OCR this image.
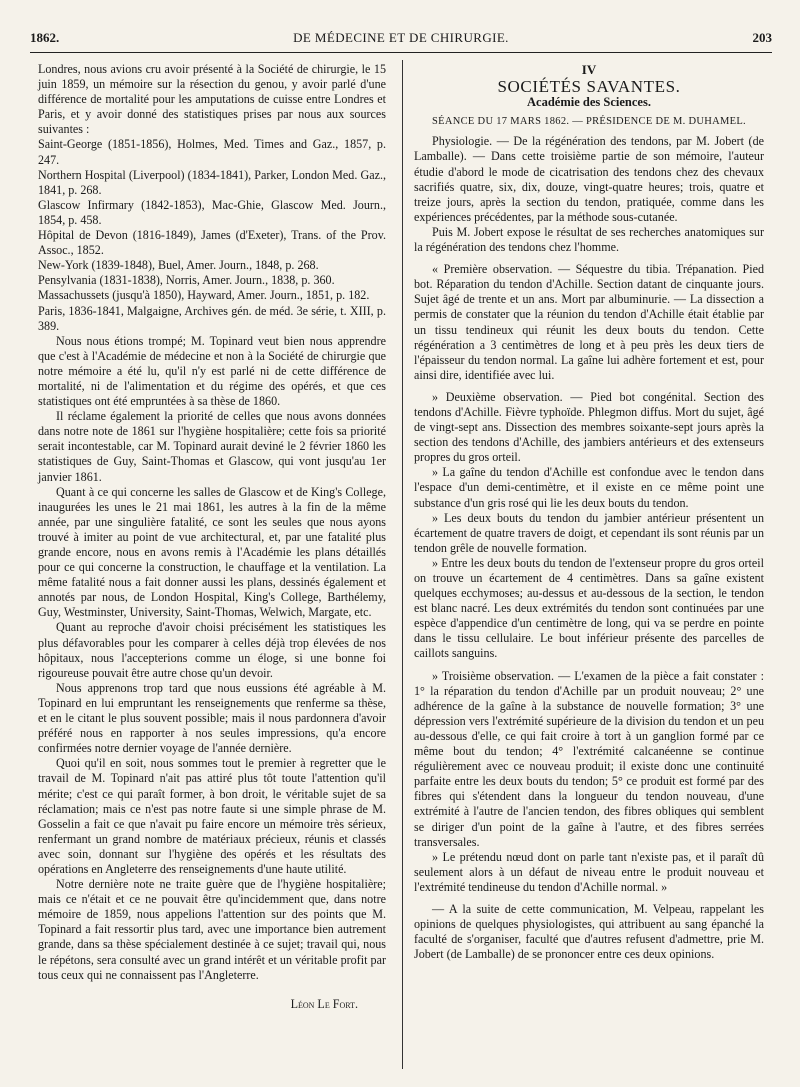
1862.	DE MÉDECINE ET DE CHIRURGIE.	203

Londres, nous avions cru avoir présenté à la Société de chirurgie, le 15 juin 1859, un mémoire sur la résection du genou, y avoir parlé d'une différence de mortalité pour les amputations de cuisse entre Londres et Paris, et y avoir donné des statistiques prises par nous aux sources suivantes :

Saint-George (1851-1856), Holmes, Med. Times and Gaz., 1857, p. 247.

Northern Hospital (Liverpool) (1834-1841), Parker, London Med. Gaz., 1841, p. 268.

Glascow Infirmary (1842-1853), Mac-Ghie, Glascow Med. Journ., 1854, p. 458.

Hôpital de Devon (1816-1849), James (d'Exeter), Trans. of the Prov. Assoc., 1852.

New-York (1839-1848), Buel, Amer. Journ., 1848, p. 268.

Pensylvania (1831-1838), Norris, Amer. Journ., 1838, p. 360.

Massachussets (jusqu'à 1850), Hayward, Amer. Journ., 1851, p. 182.

Paris, 1836-1841, Malgaigne, Archives gén. de méd. 3e série, t. XIII, p. 389.

Nous nous étions trompé; M. Topinard veut bien nous apprendre que c'est à l'Académie de médecine et non à la Société de chirurgie que notre mémoire a été lu, qu'il n'y est parlé ni de cette différence de mortalité, ni de l'alimentation et du régime des opérés, et que ces statistiques ont été empruntées à sa thèse de 1860.

Il réclame également la priorité de celles que nous avons données dans notre note de 1861 sur l'hygiène hospitalière; cette fois sa priorité serait incontestable, car M. Topinard aurait deviné le 2 février 1860 les statistiques de Guy, Saint-Thomas et Glascow, qui vont jusqu'au 1er janvier 1861.

Quant à ce qui concerne les salles de Glascow et de King's College, inaugurées les unes le 21 mai 1861, les autres à la fin de la même année, par une singulière fatalité, ce sont les seules que nous ayons trouvé à imiter au point de vue architectural, et, par une fatalité plus grande encore, nous en avons remis à l'Académie les plans détaillés pour ce qui concerne la construction, le chauffage et la ventilation. La même fatalité nous a fait donner aussi les plans, dessinés également et annotés par nous, de London Hospital, King's College, Barthélemy, Guy, Westminster, University, Saint-Thomas, Welwich, Margate, etc.

Quant au reproche d'avoir choisi précisément les statistiques les plus défavorables pour les comparer à celles déjà trop élevées de nos hôpitaux, nous l'accepterions comme un éloge, si une bonne foi rigoureuse pouvait être autre chose qu'un devoir.

Nous apprenons trop tard que nous eussions été agréable à M. Topinard en lui empruntant les renseignements que renferme sa thèse, et en le citant le plus souvent possible; mais il nous pardonnera d'avoir préféré nous en rapporter à nos seules impressions, qu'a encore confirmées notre dernier voyage de l'année dernière.

Quoi qu'il en soit, nous sommes tout le premier à regretter que le travail de M. Topinard n'ait pas attiré plus tôt toute l'attention qu'il mérite; c'est ce qui paraît former, à bon droit, le véritable sujet de sa réclamation; mais ce n'est pas notre faute si une simple phrase de M. Gosselin a fait ce que n'avait pu faire encore un mémoire très sérieux, renfermant un grand nombre de matériaux précieux, réunis et classés avec soin, donnant sur l'hygiène des opérés et les résultats des opérations en Angleterre des renseignements d'une haute utilité.

Notre dernière note ne traite guère que de l'hygiène hospitalière; mais ce n'était et ce ne pouvait être qu'incidemment que, dans notre mémoire de 1859, nous appelions l'attention sur des points que M. Topinard a fait ressortir plus tard, avec une importance bien autrement grande, dans sa thèse spécialement destinée à ce sujet; travail qui, nous le répétons, sera consulté avec un grand intérêt et un véritable profit par tous ceux qui ne connaissent pas l'Angleterre.

Léon Le Fort.

IV

SOCIÉTÉS SAVANTES.

Académie des Sciences.

SÉANCE DU 17 MARS 1862. — PRÉSIDENCE DE M. DUHAMEL.

Physiologie. — De la régénération des tendons, par M. Jobert (de Lamballe). — Dans cette troisième partie de son mémoire, l'auteur étudie d'abord le mode de cicatrisation des tendons chez des chevaux sacrifiés quatre, six, dix, douze, vingt-quatre heures; trois, quatre et treize jours, après la section du tendon, pratiquée, comme dans les expériences précédentes, par la méthode sous-cutanée.

Puis M. Jobert expose le résultat de ses recherches anatomiques sur la régénération des tendons chez l'homme.

« Première observation. — Séquestre du tibia. Trépanation. Pied bot. Réparation du tendon d'Achille. Section datant de cinquante jours. Sujet âgé de trente et un ans. Mort par albuminurie. — La dissection a permis de constater que la réunion du tendon d'Achille était établie par un tissu tendineux qui réunit les deux bouts du tendon. Cette régénération a 3 centimètres de long et à peu près les deux tiers de l'épaisseur du tendon normal. La gaîne lui adhère fortement et est, pour ainsi dire, identifiée avec lui.

» Deuxième observation. — Pied bot congénital. Section des tendons d'Achille. Fièvre typhoïde. Phlegmon diffus. Mort du sujet, âgé de vingt-sept ans. Dissection des membres soixante-sept jours après la section des tendons d'Achille, des jambiers antérieurs et des extenseurs propres du gros orteil.

» La gaîne du tendon d'Achille est confondue avec le tendon dans l'espace d'un demi-centimètre, et il existe en ce même point une substance d'un gris rosé qui lie les deux bouts du tendon.

» Les deux bouts du tendon du jambier antérieur présentent un écartement de quatre travers de doigt, et cependant ils sont réunis par un tendon grêle de nouvelle formation.

» Entre les deux bouts du tendon de l'extenseur propre du gros orteil on trouve un écartement de 4 centimètres. Dans sa gaîne existent quelques ecchymoses; au-dessus et au-dessous de la section, le tendon est blanc nacré. Les deux extrémités du tendon sont continuées par une espèce d'appendice d'un centimètre de long, qui va se perdre en pointe dans le tissu cellulaire. Le bout inférieur présente des parcelles de caillots sanguins.

» Troisième observation. — L'examen de la pièce a fait constater : 1° la réparation du tendon d'Achille par un produit nouveau; 2° une adhérence de la gaîne à la substance de nouvelle formation; 3° une dépression vers l'extrémité supérieure de la division du tendon et un peu au-dessous d'elle, ce qui fait croire à tort à un ganglion formé par ce même bout du tendon; 4° l'extrémité calcanéenne se continue régulièrement avec ce nouveau produit; il existe donc une continuité parfaite entre les deux bouts du tendon; 5° ce produit est formé par des fibres qui s'étendent dans la longueur du tendon nouveau, d'une extrémité à l'autre de l'ancien tendon, des fibres obliques qui semblent se diriger d'un point de la gaîne à l'autre, et des fibres serrées transversales.

» Le prétendu nœud dont on parle tant n'existe pas, et il paraît dû seulement alors à un défaut de niveau entre le produit nouveau et l'extrémité tendineuse du tendon d'Achille normal. »

— A la suite de cette communication, M. Velpeau, rappelant les opinions de quelques physiologistes, qui attribuent au sang épanché la faculté de s'organiser, faculté que d'autres refusent d'admettre, prie M. Jobert (de Lamballe) de se prononcer entre ces deux opinions.
